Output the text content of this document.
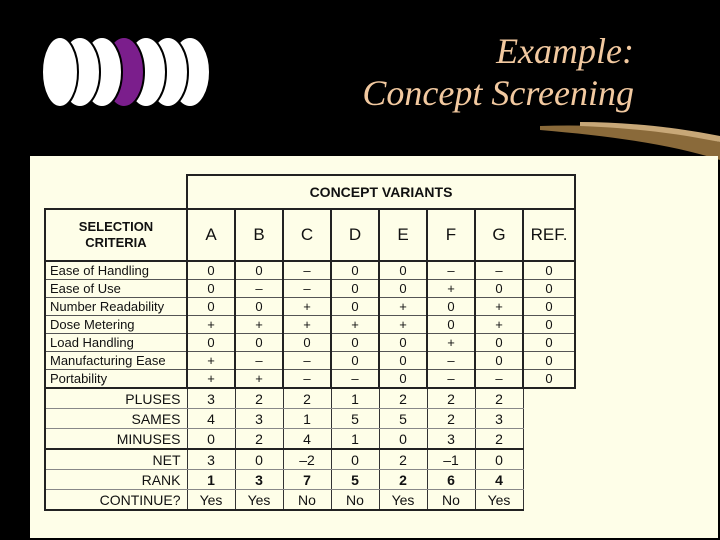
Example:
Concept Screening
	CONCEPT VARIANTS							
SELECTION
CRITERIA	A	B	C	D	E	F	G	REF.
Ease of Handling	0	0	–	0	0	–	–	0
Ease of Use	0	–	–	0	0	+	0	0
Number Readability	0	0	+	0	+	0	+	0
Dose Metering	+	+	+	+	+	0	+	0
Load Handling	0	0	0	0	0	+	0	0
Manufacturing Ease	+	–	–	0	0	–	0	0
Portability	+	+	–	–	0	–	–	0
PLUSES	3	2	2	1	2	2	2	
SAMES	4	3	1	5	5	2	3	
MINUSES	0	2	4	1	0	3	2	
NET	3	0	–2	0	2	–1	0	
RANK	1	3	7	5	2	6	4	
CONTINUE?	Yes	Yes	No	No	Yes	No	Yes	
